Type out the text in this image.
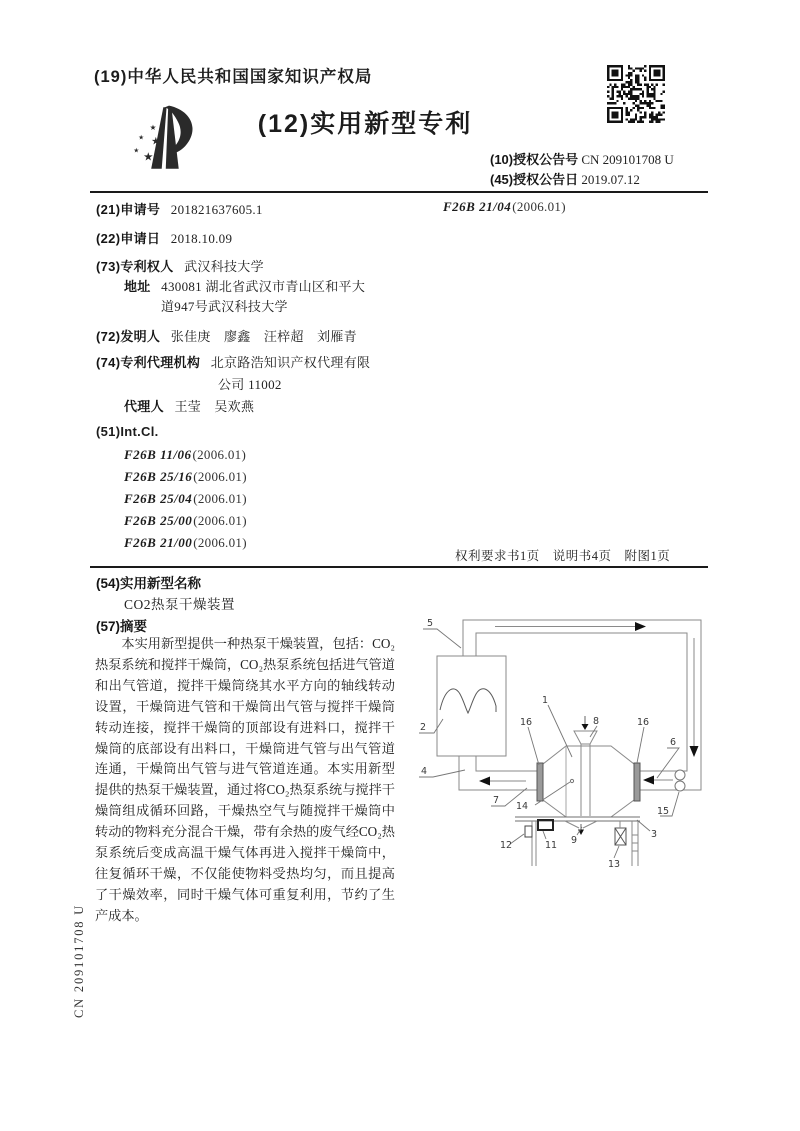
(19)中华人民共和国国家知识产权局
★
★ ★
★
★
(12)实用新型专利
(10)授权公告号 CN 209101708 U
(45)授权公告日 2019.07.12
(21)申请号 201821637605.1
(22)申请日 2018.10.09
(73)专利权人 武汉科技大学
地址 430081 湖北省武汉市青山区和平大
道947号武汉科技大学
(72)发明人 张佳庚　廖鑫　汪梓超　刘雁青
(74)专利代理机构 北京路浩知识产权代理有限
公司 11002
代理人 王莹　吴欢燕
(51)Int.Cl.
F26B 11/06(2006.01)
F26B 25/16(2006.01)
F26B 25/04(2006.01)
F26B 25/00(2006.01)
F26B 21/00(2006.01)
F26B 21/04(2006.01)
权利要求书1页　说明书4页　附图1页
(54)实用新型名称
CO2热泵干燥装置
(57)摘要
本实用新型提供一种热泵干燥装置，包括：CO₂热泵系统和搅拌干燥筒，CO₂热泵系统包括进气管道和出气管道，搅拌干燥筒绕其水平方向的轴线转动设置，干燥筒进气管和干燥筒出气管与搅拌干燥筒转动连接，搅拌干燥筒的顶部设有进料口，搅拌干燥筒的底部设有出料口，干燥筒进气管与出气管道连通，干燥筒出气管与进气管道连通。本实用新型提供的热泵干燥装置，通过将CO₂热泵系统与搅拌干燥筒组成循环回路，干燥热空气与随搅拌干燥筒中转动的物料充分混合干燥，带有余热的废气经CO₂热泵系统后变成高温干燥气体再进入搅拌干燥筒中，往复循环干燥，不仅能使物料受热均匀，而且提高了干燥效率，同时干燥气体可重复利用，节约了生产成本。
5
2
4
7
1
16	8	16
6
14	15
12	11 9
13
3
CN 209101708 U
